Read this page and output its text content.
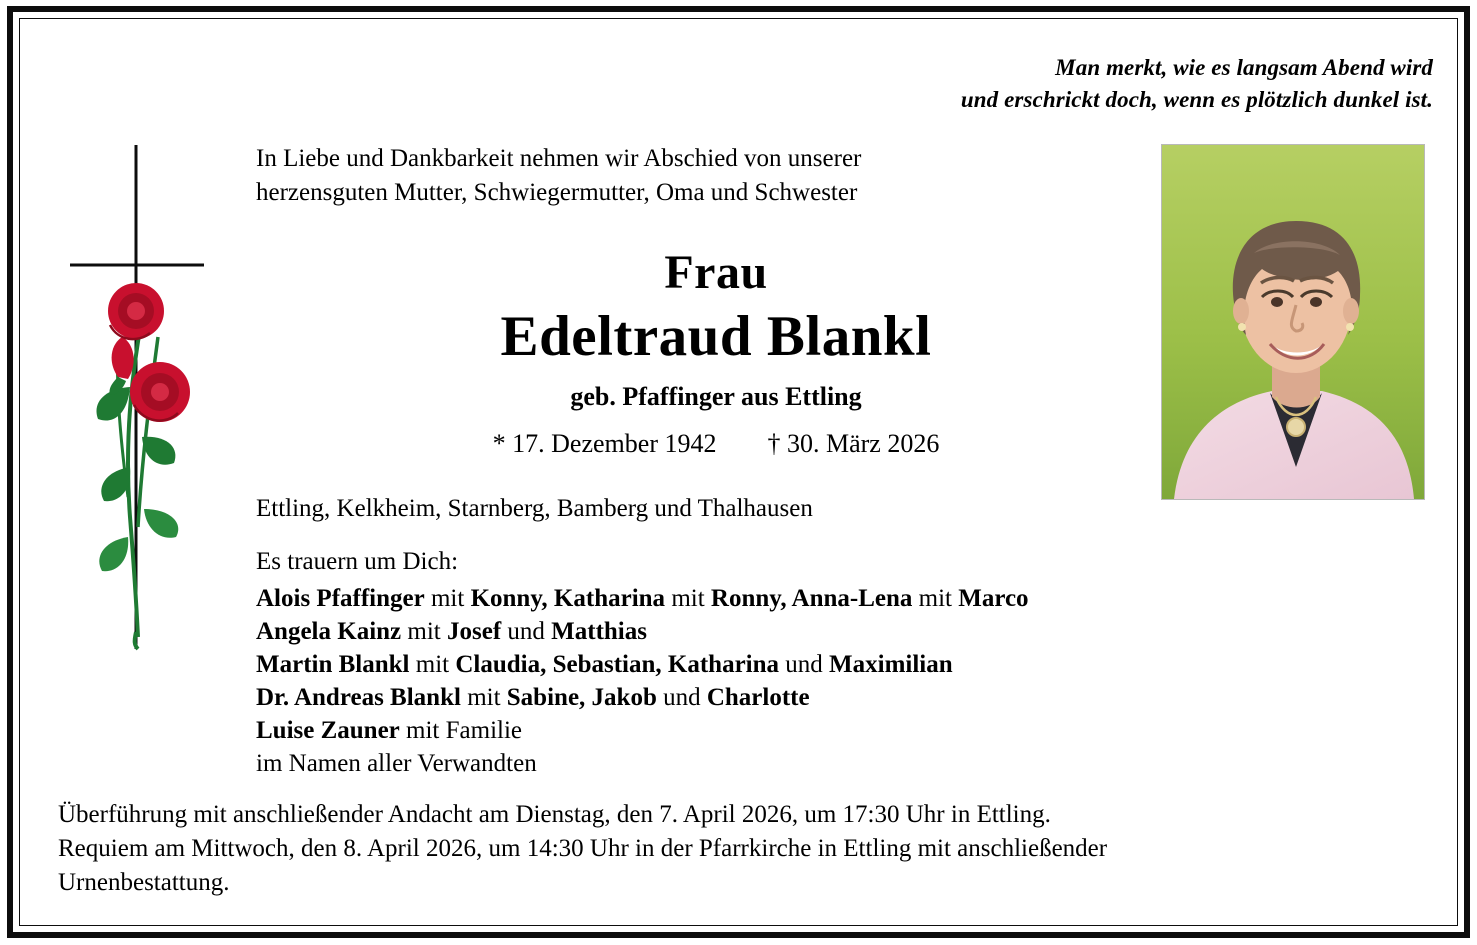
Man merkt, wie es langsam Abend wird
und erschrickt doch, wenn es plötzlich dunkel ist.
In Liebe und Dankbarkeit nehmen wir Abschied von unserer
herzensguten Mutter, Schwiegermutter, Oma und Schwester
Frau
Edeltraud Blankl
geb. Pfaffinger aus Ettling
* 17. Dezember 1942 † 30. März 2026
Ettling, Kelkheim, Starnberg, Bamberg und Thalhausen
Es trauern um Dich:
Alois Pfaffinger mit Konny, Katharina mit Ronny, Anna-Lena mit Marco
Angela Kainz mit Josef und Matthias
Martin Blankl mit Claudia, Sebastian, Katharina und Maximilian
Dr. Andreas Blankl mit Sabine, Jakob und Charlotte
Luise Zauner mit Familie
im Namen aller Verwandten
Überführung mit anschließender Andacht am Dienstag, den 7. April 2026, um 17:30 Uhr in Ettling.
Requiem am Mittwoch, den 8. April 2026, um 14:30 Uhr in der Pfarrkirche in Ettling mit anschließender
Urnenbestattung.
